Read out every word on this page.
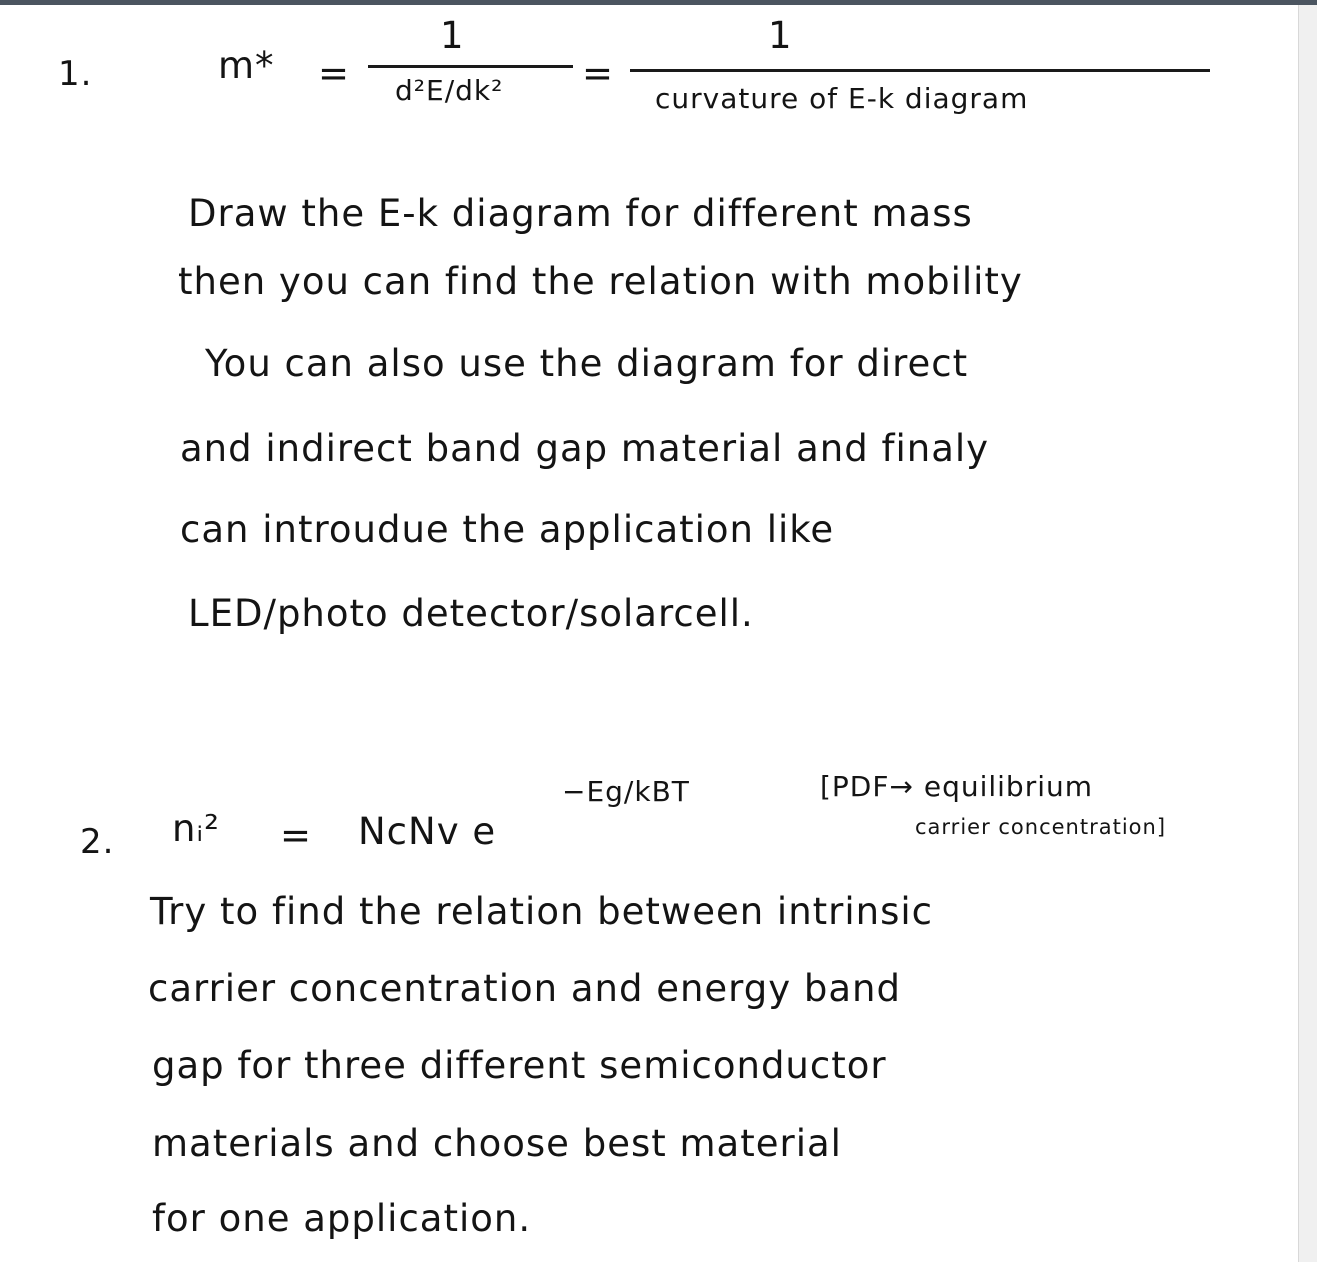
1.	m* =
1
d²E/dk² =
1
curvature of E-k diagram
Draw the E-k diagram for different mass
then you can find the relation with mobility
You can also use the diagram for direct
and indirect band gap material and finaly
can introudue the application like
LED/photo detector/solarcell.
2. nᵢ² = NcNv e
−Eg/kBT	[PDF→ equilibrium
carrier concentration]
Try to find the relation between intrinsic
carrier concentration and energy band
gap for three different semiconductor
materials and choose best material
for one application.
